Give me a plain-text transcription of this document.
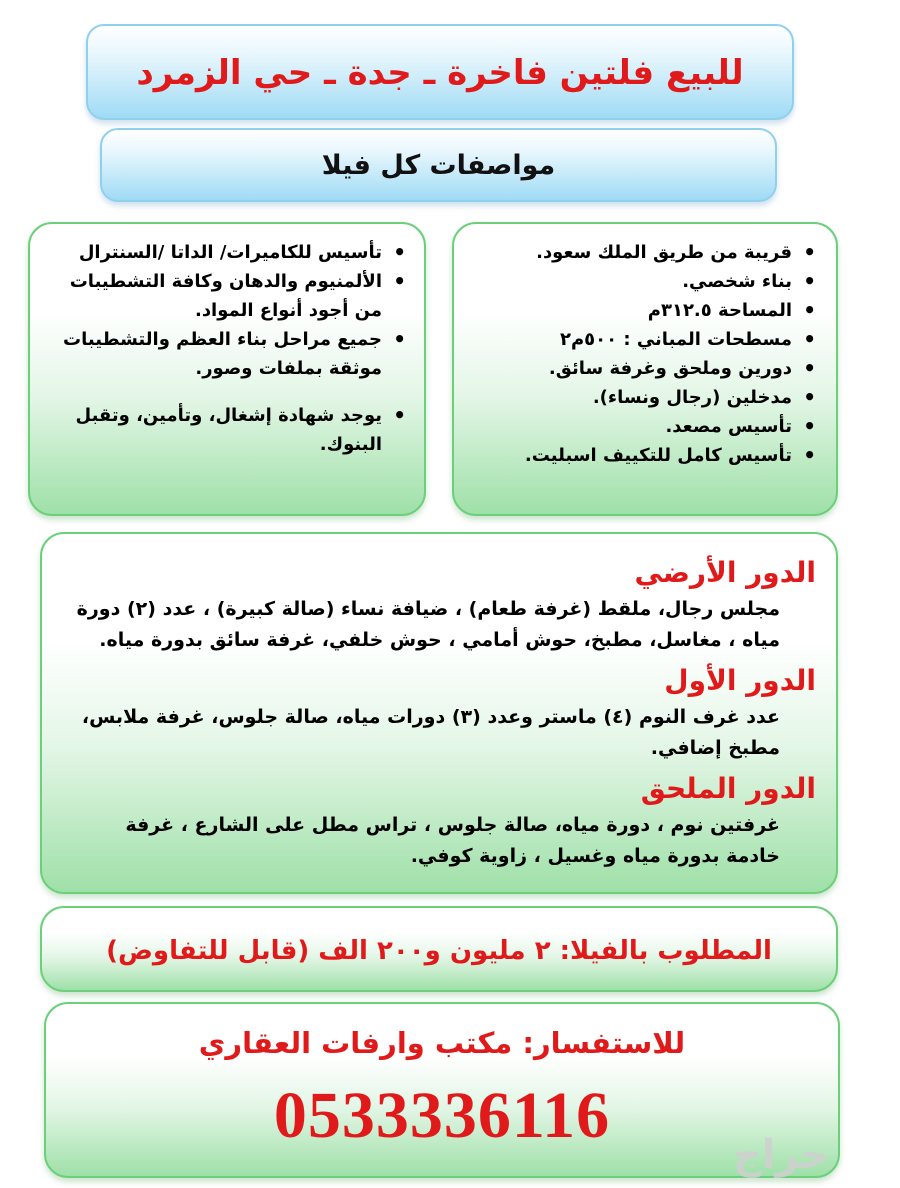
للبيع فلتين فاخرة ـ جدة ـ حي الزمرد
مواصفات كل فيلا
• قريبة من طريق الملك سعود.
• بناء شخصي.
• المساحة ٣١٢.٥م
• مسطحات المباني : ٥٠٠م٢
• دورين وملحق وغرفة سائق.
• مدخلين (رجال ونساء).
• تأسيس مصعد.
• تأسيس كامل للتكييف اسبليت.
• تأسيس للكاميرات/ الداتا /السنترال
• الألمنيوم والدهان وكافة التشطيبات من أجود أنواع المواد.
• جميع مراحل بناء العظم والتشطيبات موثقة بملفات وصور.
• يوجد شهادة إشغال، وتأمين، وتقبل البنوك.
الدور الأرضي

مجلس رجال، ملقط (غرفة طعام) ، ضيافة نساء (صالة كبيرة) ، عدد (٢) دورة مياه ، مغاسل، مطبخ، حوش أمامي ، حوش خلفي، غرفة سائق بدورة مياه.

الدور الأول

عدد غرف النوم (٤) ماستر وعدد (٣) دورات مياه، صالة جلوس، غرفة ملابس، مطبخ إضافي.

الدور الملحق

غرفتين نوم ، دورة مياه، صالة جلوس ، تراس مطل على الشارع ، غرفة خادمة بدورة مياه وغسيل ، زاوية كوفي.

المطلوب بالفيلا: ٢ مليون و٢٠٠ الف (قابل للتفاوض)

للاستفسار: مكتب وارفات العقاري

0533336116

حراج
